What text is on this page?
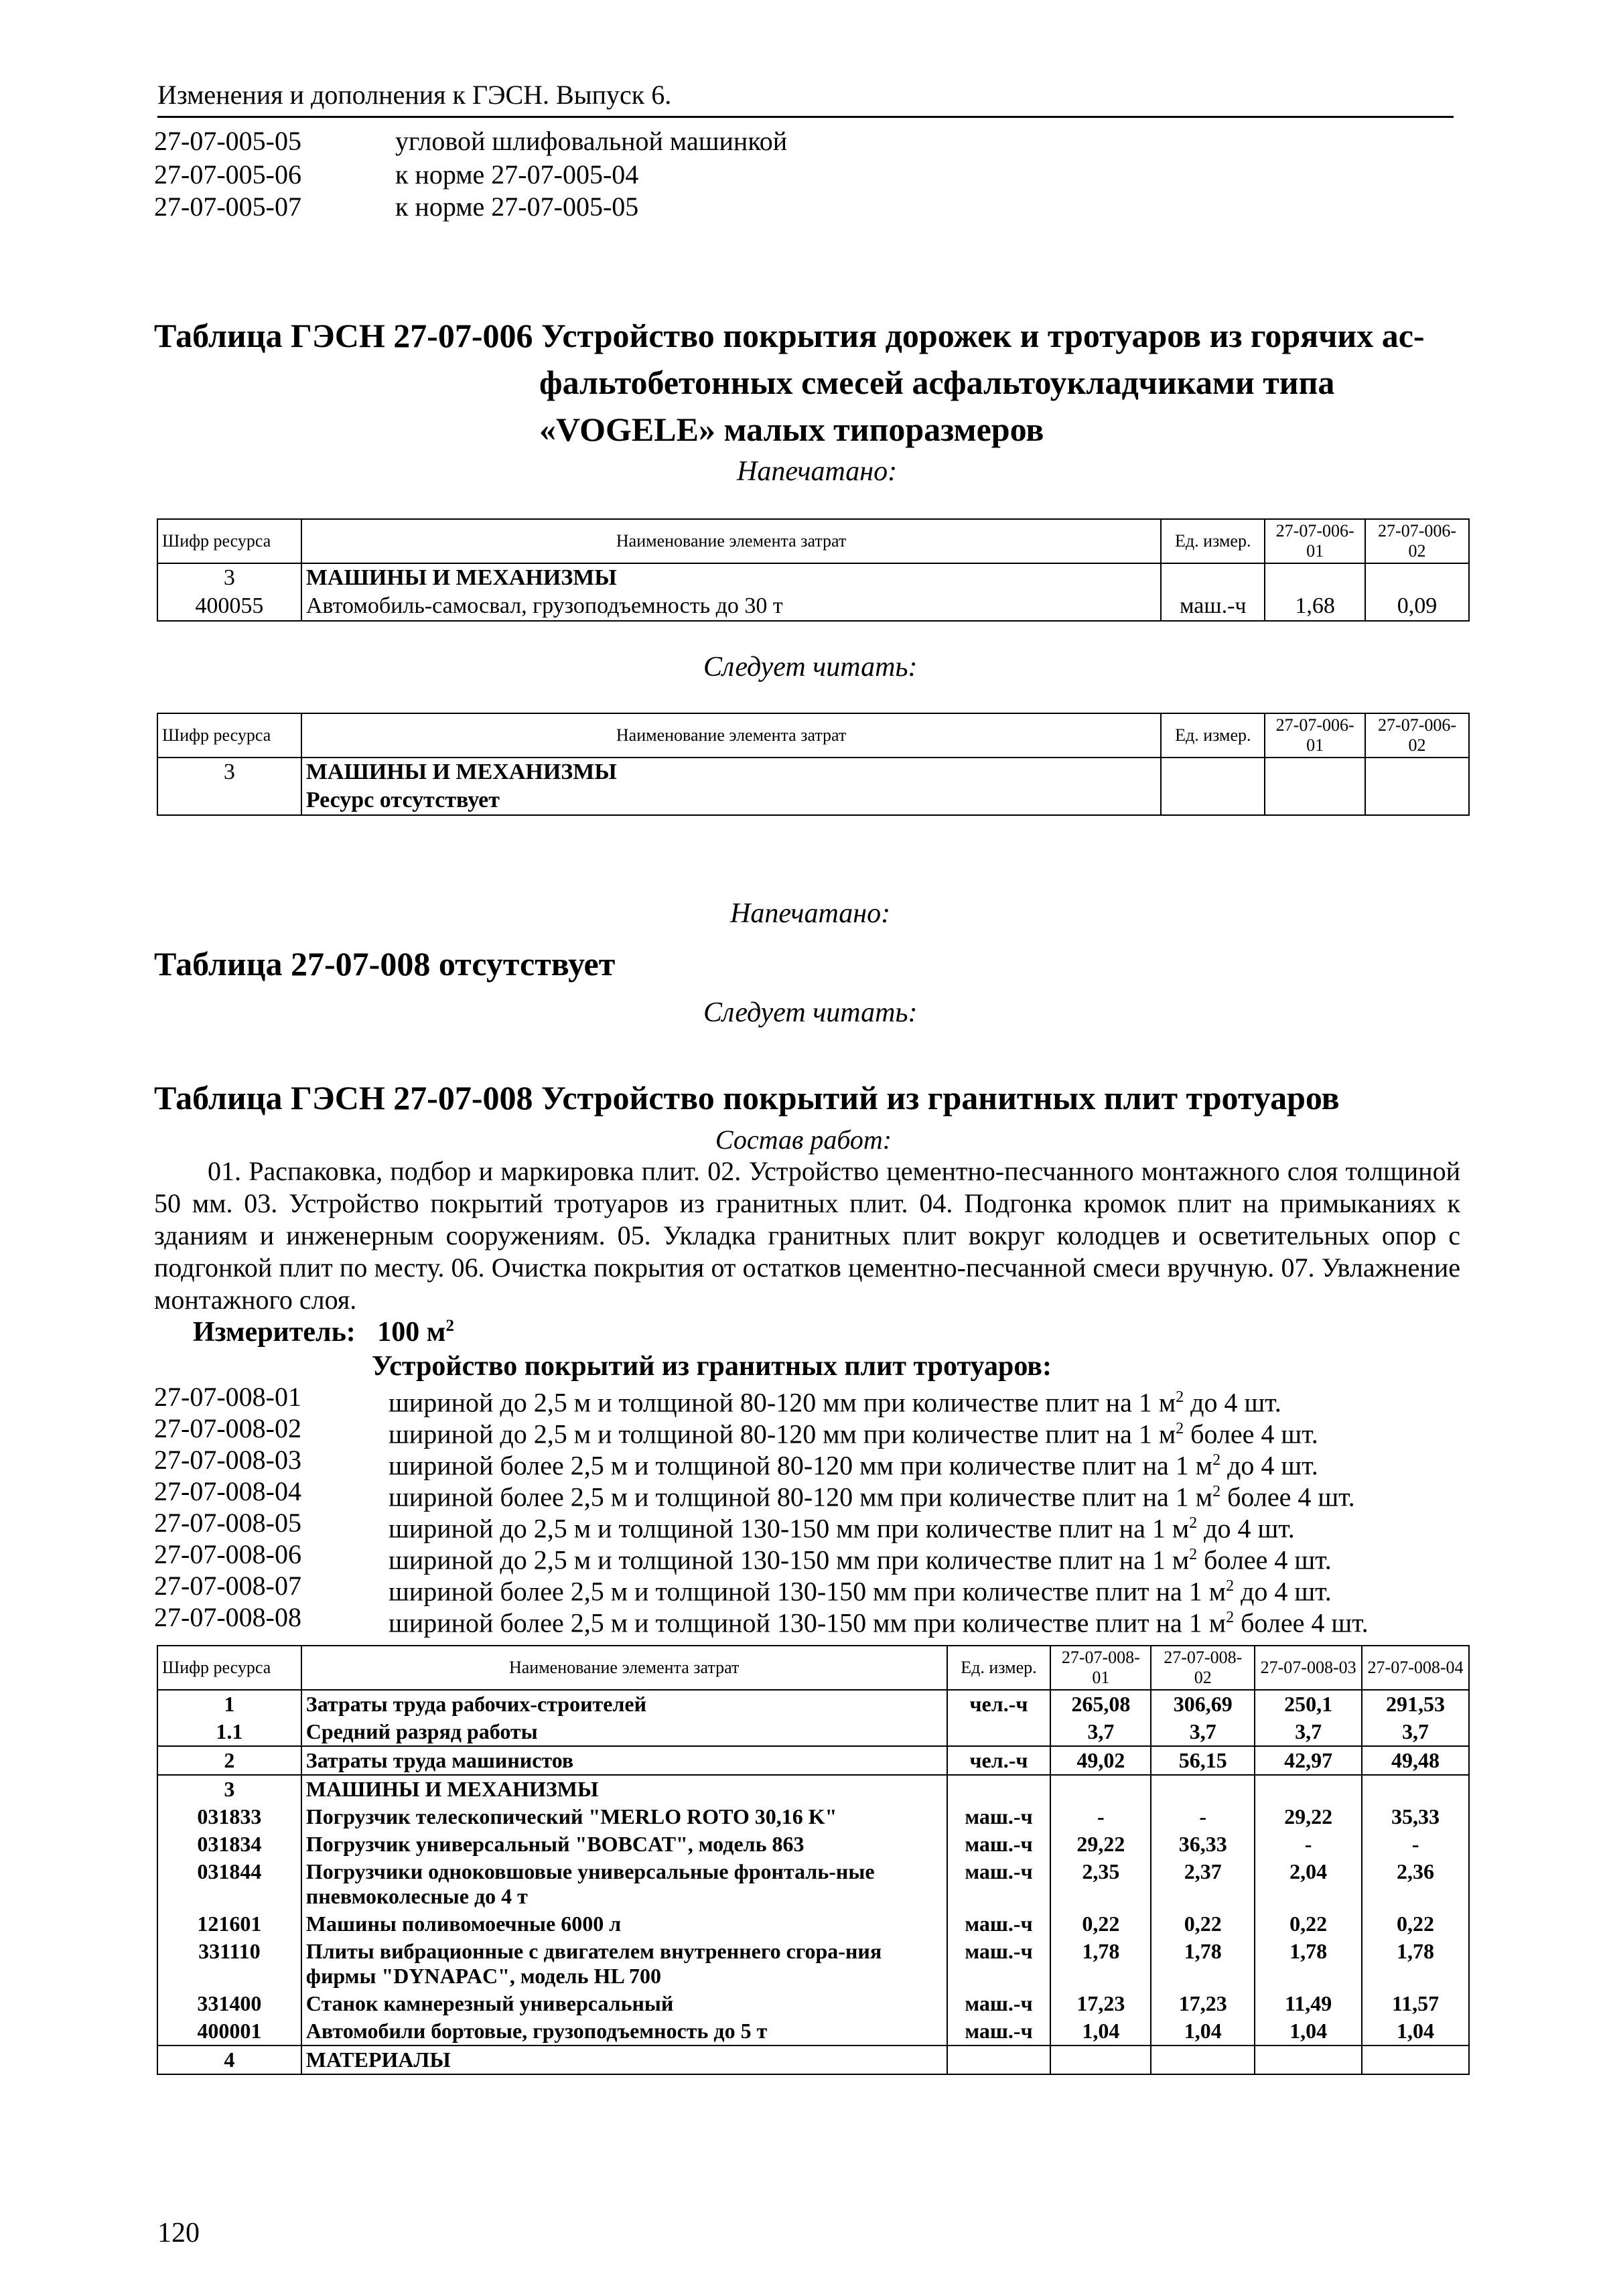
Изменения и дополнения к ГЭСН. Выпуск 6.
27-07-005-05	угловой шлифовальной машинкой
27-07-005-06	к норме 27-07-005-04
27-07-005-07	к норме 27-07-005-05
Таблица ГЭСН 27-07-006 Устройство покрытия дорожек и тротуаров из горячих ас-
фальтобетонных смесей асфальтоукладчиками типа
«VOGELE» малых типоразмеров
Напечатано:
Шифр ресурса	Наименование элемента затрат	Ед. измер.	27-07-006-01	27-07-006-02
3	МАШИНЫ И МЕХАНИЗМЫ			
400055	Автомобиль-самосвал, грузоподъемность до 30 т	маш.-ч	1,68	0,09
Следует читать:
Шифр ресурса	Наименование элемента затрат	Ед. измер.	27-07-006-01	27-07-006-02
3	МАШИНЫ И МЕХАНИЗМЫ			
	Ресурс отсутствует			
Напечатано:
Таблица 27-07-008 отсутствует
Следует читать:
Таблица ГЭСН 27-07-008 Устройство покрытий из гранитных плит тротуаров
Состав работ:
01. Распаковка, подбор и маркировка плит. 02. Устройство цементно-песчанного монтажного слоя толщиной 50 мм. 03. Устройство покрытий тротуаров из гранитных плит. 04. Подгонка кромок плит на примыканиях к зданиям и инженерным сооружениям. 05. Укладка гранитных плит вокруг колодцев и осветительных опор с подгонкой плит по месту. 06. Очистка покрытия от остатков цементно-песчанной смеси вручную. 07. Увлажнение монтажного слоя.
Измеритель: 100 $м^2$
Устройство покрытий из гранитных плит тротуаров:
27-07-008-01	шириной до 2,5 м и толщиной 80-120 мм при количестве плит на 1 $м^2$ до 4 шт.
27-07-008-02	шириной до 2,5 м и толщиной 80-120 мм при количестве плит на 1 $м^2$ более 4 шт.
27-07-008-03	шириной более 2,5 м и толщиной 80-120 мм при количестве плит на 1 $м^2$ до 4 шт.
27-07-008-04	шириной более 2,5 м и толщиной 80-120 мм при количестве плит на 1 $м^2$ более 4 шт.
27-07-008-05	шириной до 2,5 м и толщиной 130-150 мм при количестве плит на 1 $м^2$ до 4 шт.
27-07-008-06	шириной до 2,5 м и толщиной 130-150 мм при количестве плит на 1 $м^2$ более 4 шт.
27-07-008-07	шириной более 2,5 м и толщиной 130-150 мм при количестве плит на 1 $м^2$ до 4 шт.
27-07-008-08	шириной более 2,5 м и толщиной 130-150 мм при количестве плит на 1 $м^2$ более 4 шт.
Шифр ресурса	Наименование элемента затрат	Ед. измер.	27-07-008-01	27-07-008-02	27-07-008-03	27-07-008-04
1	Затраты труда рабочих-строителей	чел.-ч	265,08	306,69	250,1	291,53
1.1	Средний разряд работы		3,7	3,7	3,7	3,7
2	Затраты труда машинистов	чел.-ч	49,02	56,15	42,97	49,48
3	МАШИНЫ И МЕХАНИЗМЫ					
031833	Погрузчик телескопический "MERLO ROTO 30,16 K"	маш.-ч	-	-	29,22	35,33
031834	Погрузчик универсальный "BOBCAT", модель 863	маш.-ч	29,22	36,33	-	-
031844	Погрузчики одноковшовые универсальные фронталь-ные пневмоколесные до 4 т	маш.-ч	2,35	2,37	2,04	2,36
121601	Машины поливомоечные 6000 л	маш.-ч	0,22	0,22	0,22	0,22
331110	Плиты вибрационные с двигателем внутреннего сгора-ния фирмы "DYNAPAC", модель HL 700	маш.-ч	1,78	1,78	1,78	1,78
331400	Станок камнерезный универсальный	маш.-ч	17,23	17,23	11,49	11,57
400001	Автомобили бортовые, грузоподъемность до 5 т	маш.-ч	1,04	1,04	1,04	1,04
4	МАТЕРИАЛЫ					
120
